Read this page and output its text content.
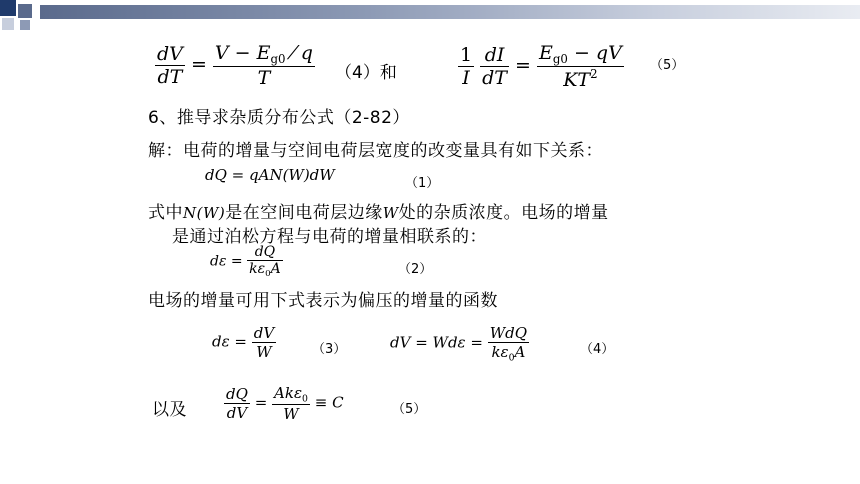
$\frac{dV}{dT} = \frac{V - E_{g0} ⁄ q}{T} (4)$和	$\frac{1}{I}$
$\frac{dI}{dT} = \frac{E_{g0} - qV}{KT^2} (5)$
6、推导求杂质分布公式（2-82）
解：电荷的增量与空间电荷层宽度的改变量具有如下关系：
dQ = qAN(W)dW	（1）
式中N(W)是在空间电荷层边缘W处的杂质浓度。电场的增量
是通过泊松方程与电荷的增量相联系的：
$d\varepsilon = \frac{dQ}{k\varepsilon_0A}$	（2）
电场的增量可用下式表示为偏压的增量的函数
$d\varepsilon = \frac{dV}{W}$	（3）	dV = $Wd\varepsilon = \frac{\text{WdQ}}{k\varepsilon_0A}$	（4）
以及 $\frac{dQ}{dV} = \frac{Ak\varepsilon_0}{W} \equiv C$	（5）
